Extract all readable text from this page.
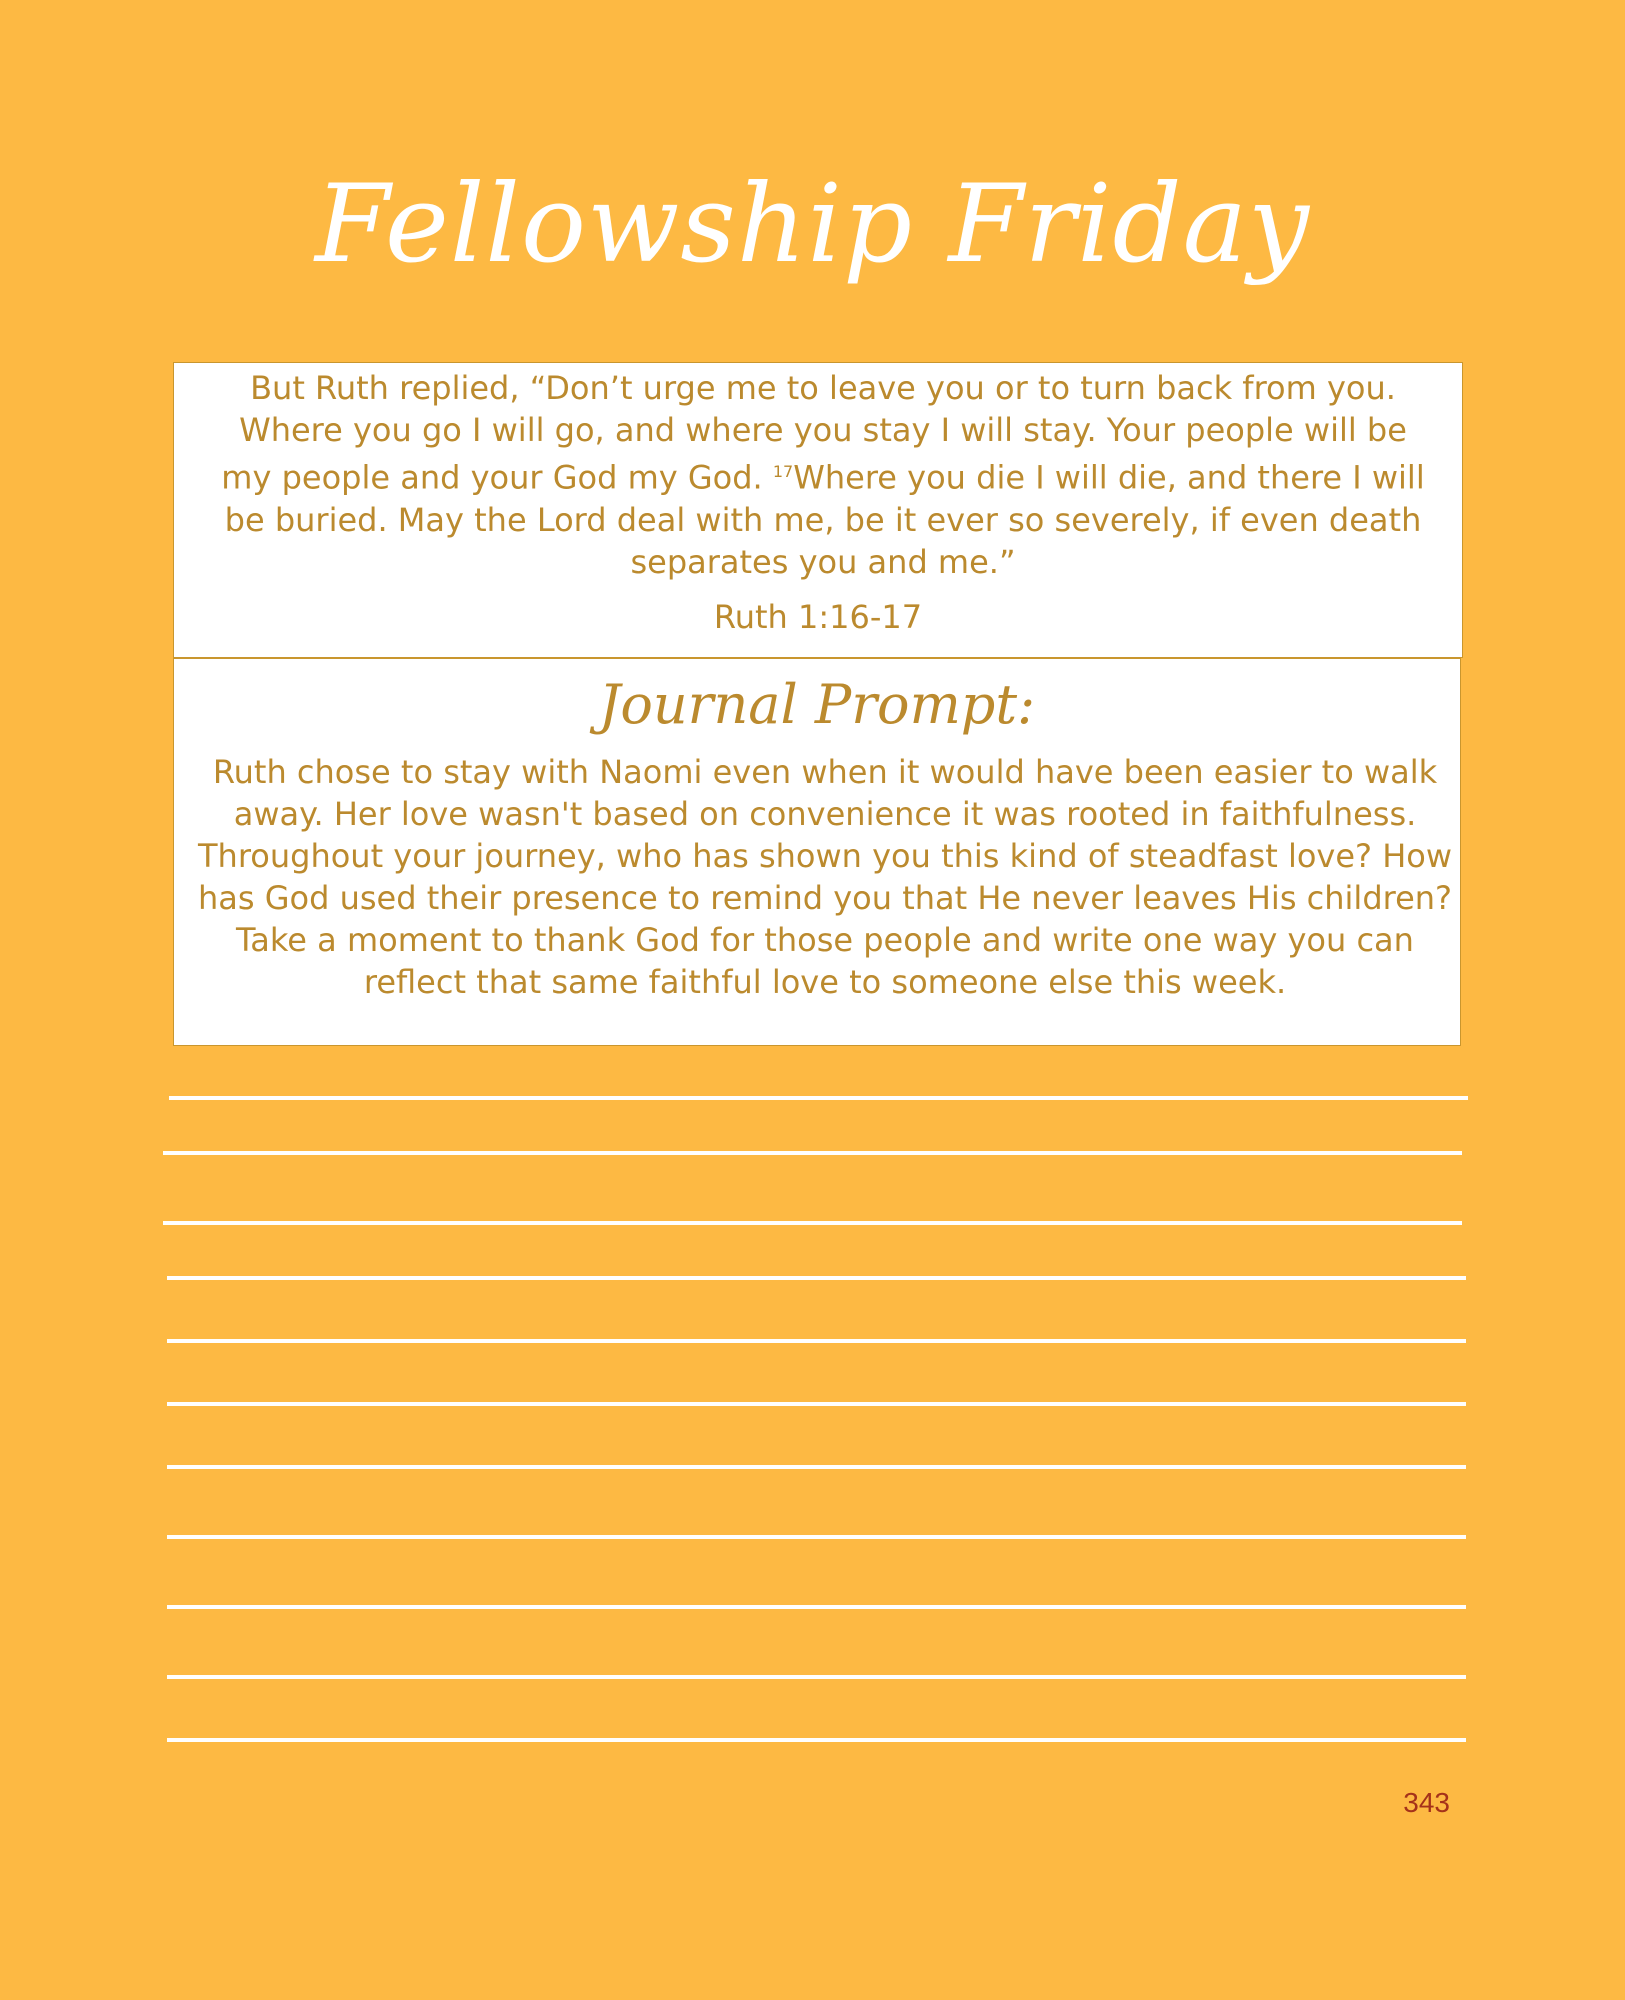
Fellowship Friday
But Ruth replied, “Don’t urge me to leave you or to turn back from you. Where you go I will go, and where you stay I will stay. Your people will be my people and your God my God. $^{17}$Where you die I will die, and there I will be buried. May the Lord deal with me, be it ever so severely, if even death separates you and me.”
Ruth 1:16-17
Journal Prompt:
Ruth chose to stay with Naomi even when it would have been easier to walk away. Her love wasn't based on convenience it was rooted in faithfulness. Throughout your journey, who has shown you this kind of steadfast love? How has God used their presence to remind you that He never leaves His children? Take a moment to thank God for those people and write one way you can reflect that same faithful love to someone else this week.
343
